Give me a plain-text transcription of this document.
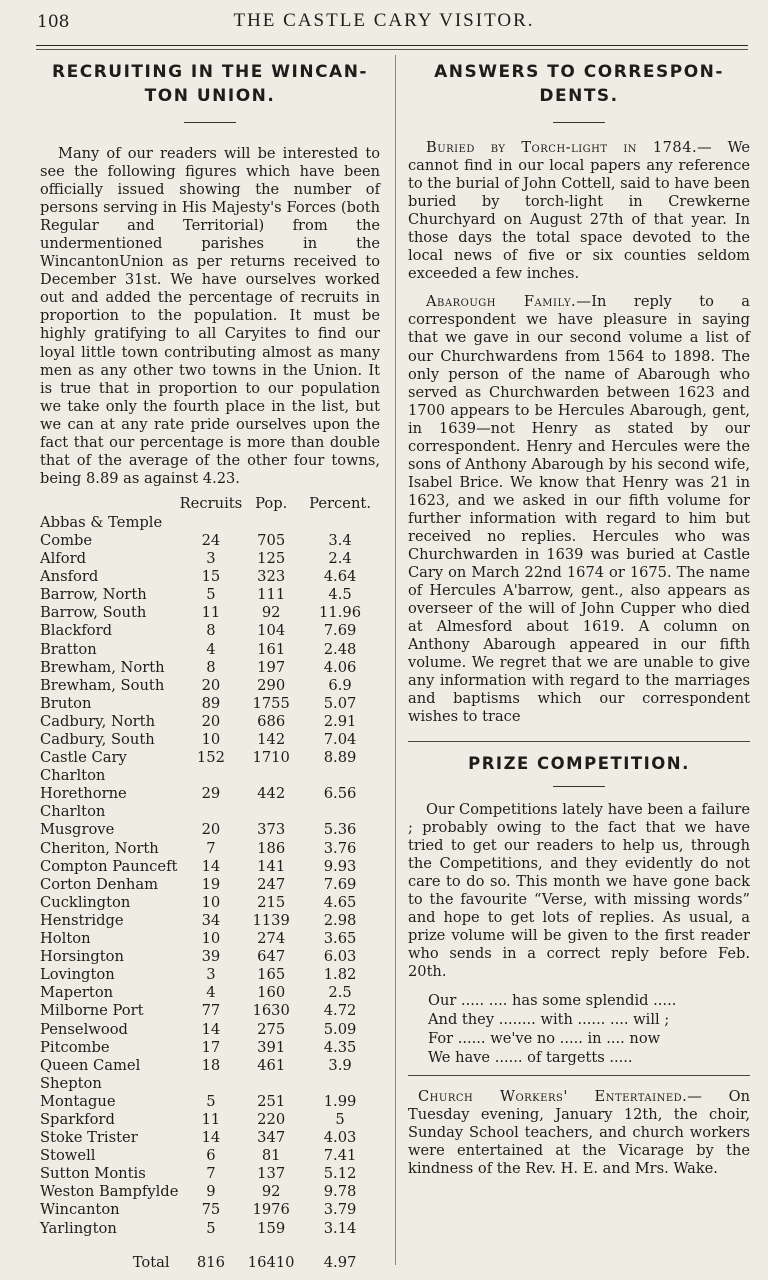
108	THE CASTLE CARY VISITOR.
RECRUITING IN THE WINCAN-
TON UNION.

Many of our readers will be interested to see the following figures which have been officially issued showing the number of persons serving in His Majesty's Forces (both Regular and Territorial) from the undermentioned parishes in the WincantonUnion as per returns received to December 31st. We have ourselves worked out and added the percentage of recruits in proportion to the population. It must be highly gratifying to all Caryites to find our loyal little town contributing almost as many men as any other two towns in the Union. It is true that in proportion to our population we take only the fourth place in the list, but we can at any rate pride ourselves upon the fact that our percentage is more than double that of the average of the other four towns, being 8.89 as against 4.23.

	Recruits	Pop.	Percent.
Abbas & Temple Combe	24	705	3.4
Alford	3	125	2.4
Ansford	15	323	4.64
Barrow, North	5	111	4.5
Barrow, South	11	92	11.96
Blackford	8	104	7.69
Bratton	4	161	2.48
Brewham, North	8	197	4.06
Brewham, South	20	290	6.9
Bruton	89	1755	5.07
Cadbury, North	20	686	2.91
Cadbury, South	10	142	7.04
Castle Cary	152	1710	8.89
Charlton Horethorne	29	442	6.56
Charlton Musgrove	20	373	5.36
Cheriton, North	7	186	3.76
Compton Paunceft	14	141	9.93
Corton Denham	19	247	7.69
Cucklington	10	215	4.65
Henstridge	34	1139	2.98
Holton	10	274	3.65
Horsington	39	647	6.03
Lovington	3	165	1.82
Maperton	4	160	2.5
Milborne Port	77	1630	4.72
Penselwood	14	275	5.09
Pitcombe	17	391	4.35
Queen Camel	18	461	3.9
Shepton Montague	5	251	1.99
Sparkford	11	220	5
Stoke Trister	14	347	4.03
Stowell	6	81	7.41
Sutton Montis	7	137	5.12
Weston Bampfylde	9	92	9.78
Wincanton	75	1976	3.79
Yarlington	5	159	3.14
Total	816	16410	4.97
ANSWERS TO CORRESPON-
DENTS.

Buried by Torch-light in 1784.— We cannot find in our local papers any reference to the burial of John Cottell, said to have been buried by torch-light in Crewkerne Churchyard on August 27th of that year. In those days the total space devoted to the local news of five or six counties seldom exceeded a few inches.

Abarough Family.—In reply to a correspondent we have pleasure in saying that we gave in our second volume a list of our Churchwardens from 1564 to 1898. The only person of the name of Abarough who served as Churchwarden between 1623 and 1700 appears to be Hercules Abarough, gent, in 1639—not Henry as stated by our correspondent. Henry and Hercules were the sons of Anthony Abarough by his second wife, Isabel Brice. We know that Henry was 21 in 1623, and we asked in our fifth volume for further information with regard to him but received no replies. Hercules who was Churchwarden in 1639 was buried at Castle Cary on March 22nd 1674 or 1675. The name of Hercules A'barrow, gent., also appears as overseer of the will of John Cupper who died at Almesford about 1619. A column on Anthony Abarough appeared in our fifth volume. We regret that we are unable to give any information with regard to the marriages and baptisms which our correspondent wishes to trace

PRIZE COMPETITION.

Our Competitions lately have been a failure ; probably owing to the fact that we have tried to get our readers to help us, through the Competitions, and they evidently do not care to do so. This month we have gone back to the favourite “Verse, with missing words” and hope to get lots of replies. As usual, a prize volume will be given to the first reader who sends in a correct reply before Feb. 20th.

Our ..... .... has some splendid .....
And they ........ with ...... .... will ;
For ...... we've no ..... in .... now
We have ...... of targetts .....

Church Workers' Entertained.— On Tuesday evening, January 12th, the choir, Sunday School teachers, and church workers were entertained at the Vicarage by the kindness of the Rev. H. E. and Mrs. Wake.
